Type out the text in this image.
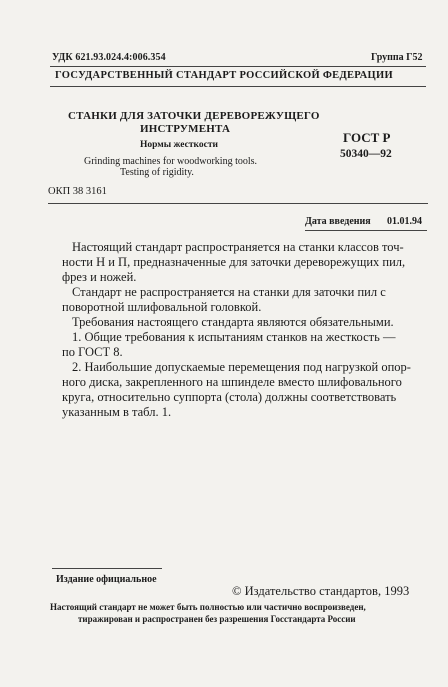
УДК 621.93.024.4:006.354	Группа Г52
ГОСУДАРСТВЕННЫЙ СТАНДАРТ РОССИЙСКОЙ ФЕДЕРАЦИИ
СТАНКИ ДЛЯ ЗАТОЧКИ ДЕРЕВОРЕЖУЩЕГО
ИНСТРУМЕНТА
Нормы жесткости
Grinding machines for woodworking tools.
Testing of rigidity.
ГОСТ Р
50340—92
ОКП 38 3161
Дата введения 01.01.94
Настоящий стандарт распространяется на станки классов точ-
ности Н и П, предназначенные для заточки дереворежущих пил,
фрез и ножей.
Стандарт не распространяется на станки для заточки пил с
поворотной шлифовальной головкой.
Требования настоящего стандарта являются обязательными.
1. Общие требования к испытаниям станков на жесткость —
по ГОСТ 8.
2. Наибольшие допускаемые перемещения под нагрузкой опор-
ного диска, закрепленного на шпинделе вместо шлифовального
круга, относительно суппорта (стола) должны соответствовать
указанным в табл. 1.
Издание официальное
© Издательство стандартов, 1993
Настоящий стандарт не может быть полностью или частично воспроизведен,
тиражирован и распространен без разрешения Госстандарта России
